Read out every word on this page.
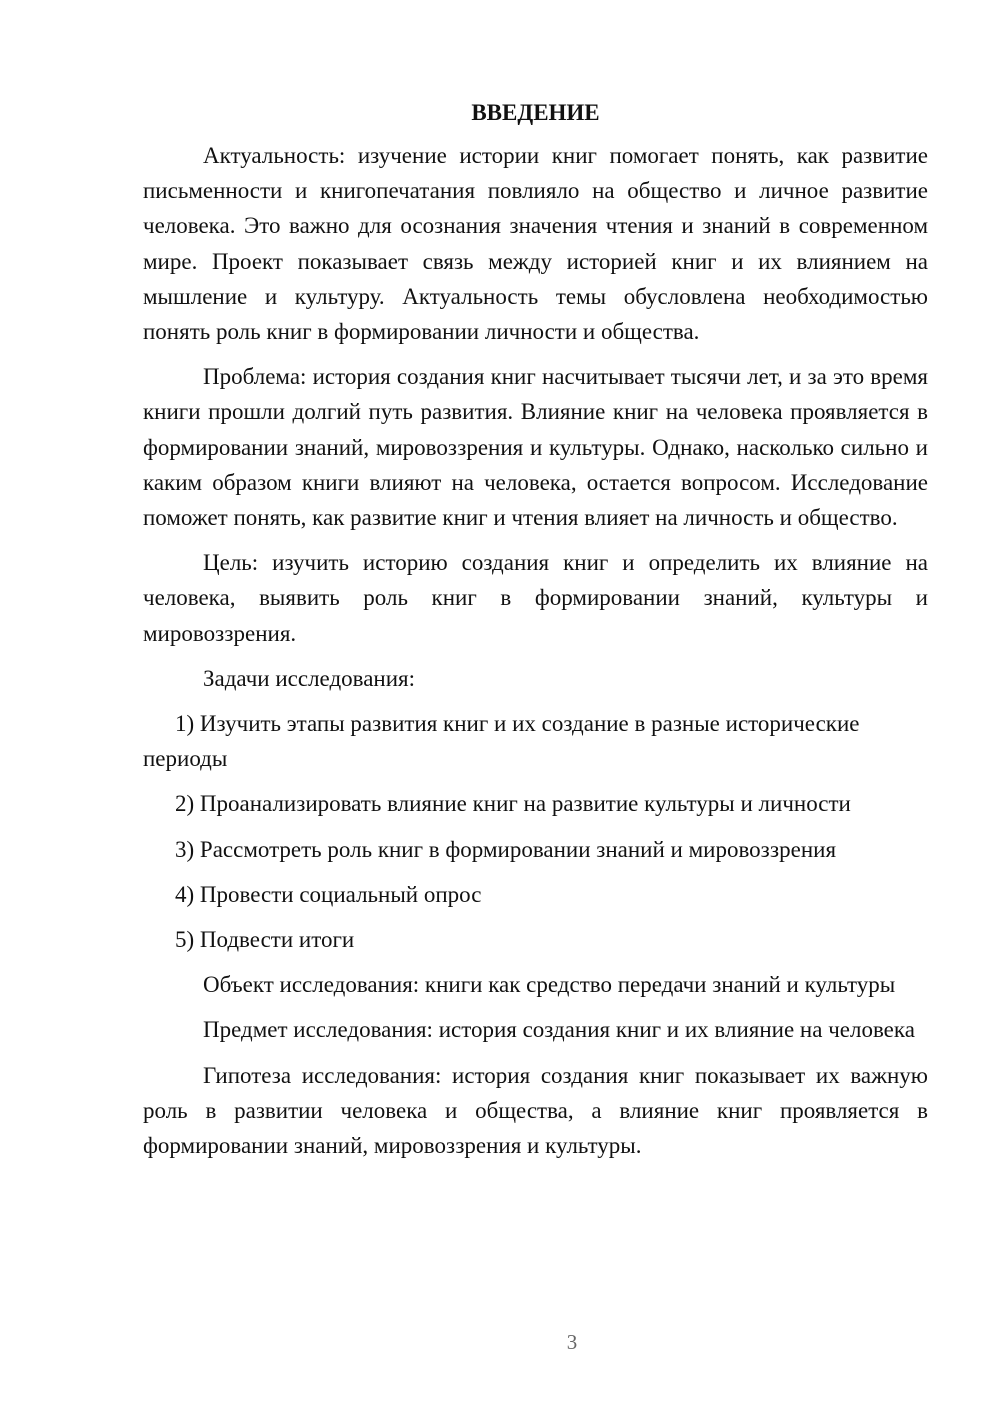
ВВЕДЕНИЕ

Актуальность: изучение истории книг помогает понять, как развитие письменности и книгопечатания повлияло на общество и личное развитие человека. Это важно для осознания значения чтения и знаний в современном мире. Проект показывает связь между историей книг и их влиянием на мышление и культуру. Актуальность темы обусловлена необходимостью понять роль книг в формировании личности и общества.

Проблема: история создания книг насчитывает тысячи лет, и за это время книги прошли долгий путь развития. Влияние книг на человека проявляется в формировании знаний, мировоззрения и культуры. Однако, насколько сильно и каким образом книги влияют на человека, остается вопросом. Исследование поможет понять, как развитие книг и чтения влияет на личность и общество.

Цель: изучить историю создания книг и определить их влияние на человека, выявить роль книг в формировании знаний, культуры и мировоззрения.

Задачи исследования:

1) Изучить этапы развития книг и их создание в разные исторические периоды

2) Проанализировать влияние книг на развитие культуры и личности

3) Рассмотреть роль книг в формировании знаний и мировоззрения

4) Провести социальный опрос

5) Подвести итоги

Объект исследования: книги как средство передачи знаний и культуры

Предмет исследования: история создания книг и их влияние на человека

Гипотеза исследования: история создания книг показывает их важную роль в развитии человека и общества, а влияние книг проявляется в формировании знаний, мировоззрения и культуры.

3
